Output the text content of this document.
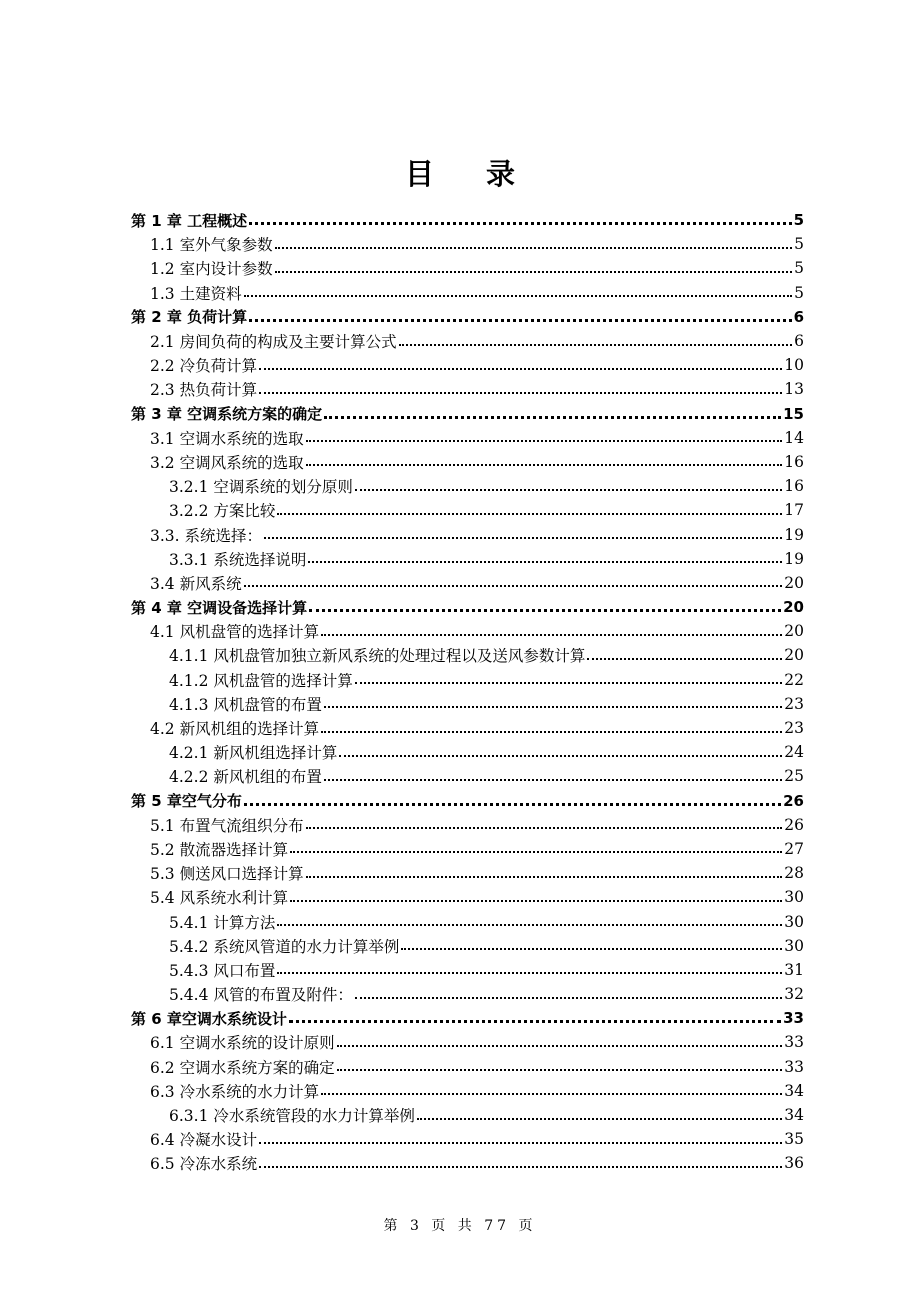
目录
第 1 章 工程概述	5
1.1 室外气象参数	5
1.2 室内设计参数	5
1.3 土建资料	5
第 2 章 负荷计算	6
2.1 房间负荷的构成及主要计算公式	6
2.2 冷负荷计算	10
2.3 热负荷计算	13
第 3 章 空调系统方案的确定	15
3.1 空调水系统的选取	14
3.2 空调风系统的选取	16
3.2.1 空调系统的划分原则	16
3.2.2 方案比较	17
3.3. 系统选择：	19
3.3.1 系统选择说明	19
3.4 新风系统	20
第 4 章 空调设备选择计算	20
4.1 风机盘管的选择计算	20
4.1.1 风机盘管加独立新风系统的处理过程以及送风参数计算	20
4.1.2 风机盘管的选择计算	22
4.1.3 风机盘管的布置	23
4.2 新风机组的选择计算	23
4.2.1 新风机组选择计算	24
4.2.2 新风机组的布置	25
第 5 章空气分布	26
5.1 布置气流组织分布	26
5.2 散流器选择计算	27
5.3 侧送风口选择计算	28
5.4 风系统水利计算	30
5.4.1 计算方法	30
5.4.2 系统风管道的水力计算举例	30
5.4.3 风口布置	31
5.4.4 风管的布置及附件：	32
第 6 章空调水系统设计	33
6.1 空调水系统的设计原则	33
6.2 空调水系统方案的确定	33
6.3 冷水系统的水力计算	34
6.3.1 冷水系统管段的水力计算举例	34
6.4 冷凝水设计	35
6.5 冷冻水系统	36
第 3 页 共 77 页
